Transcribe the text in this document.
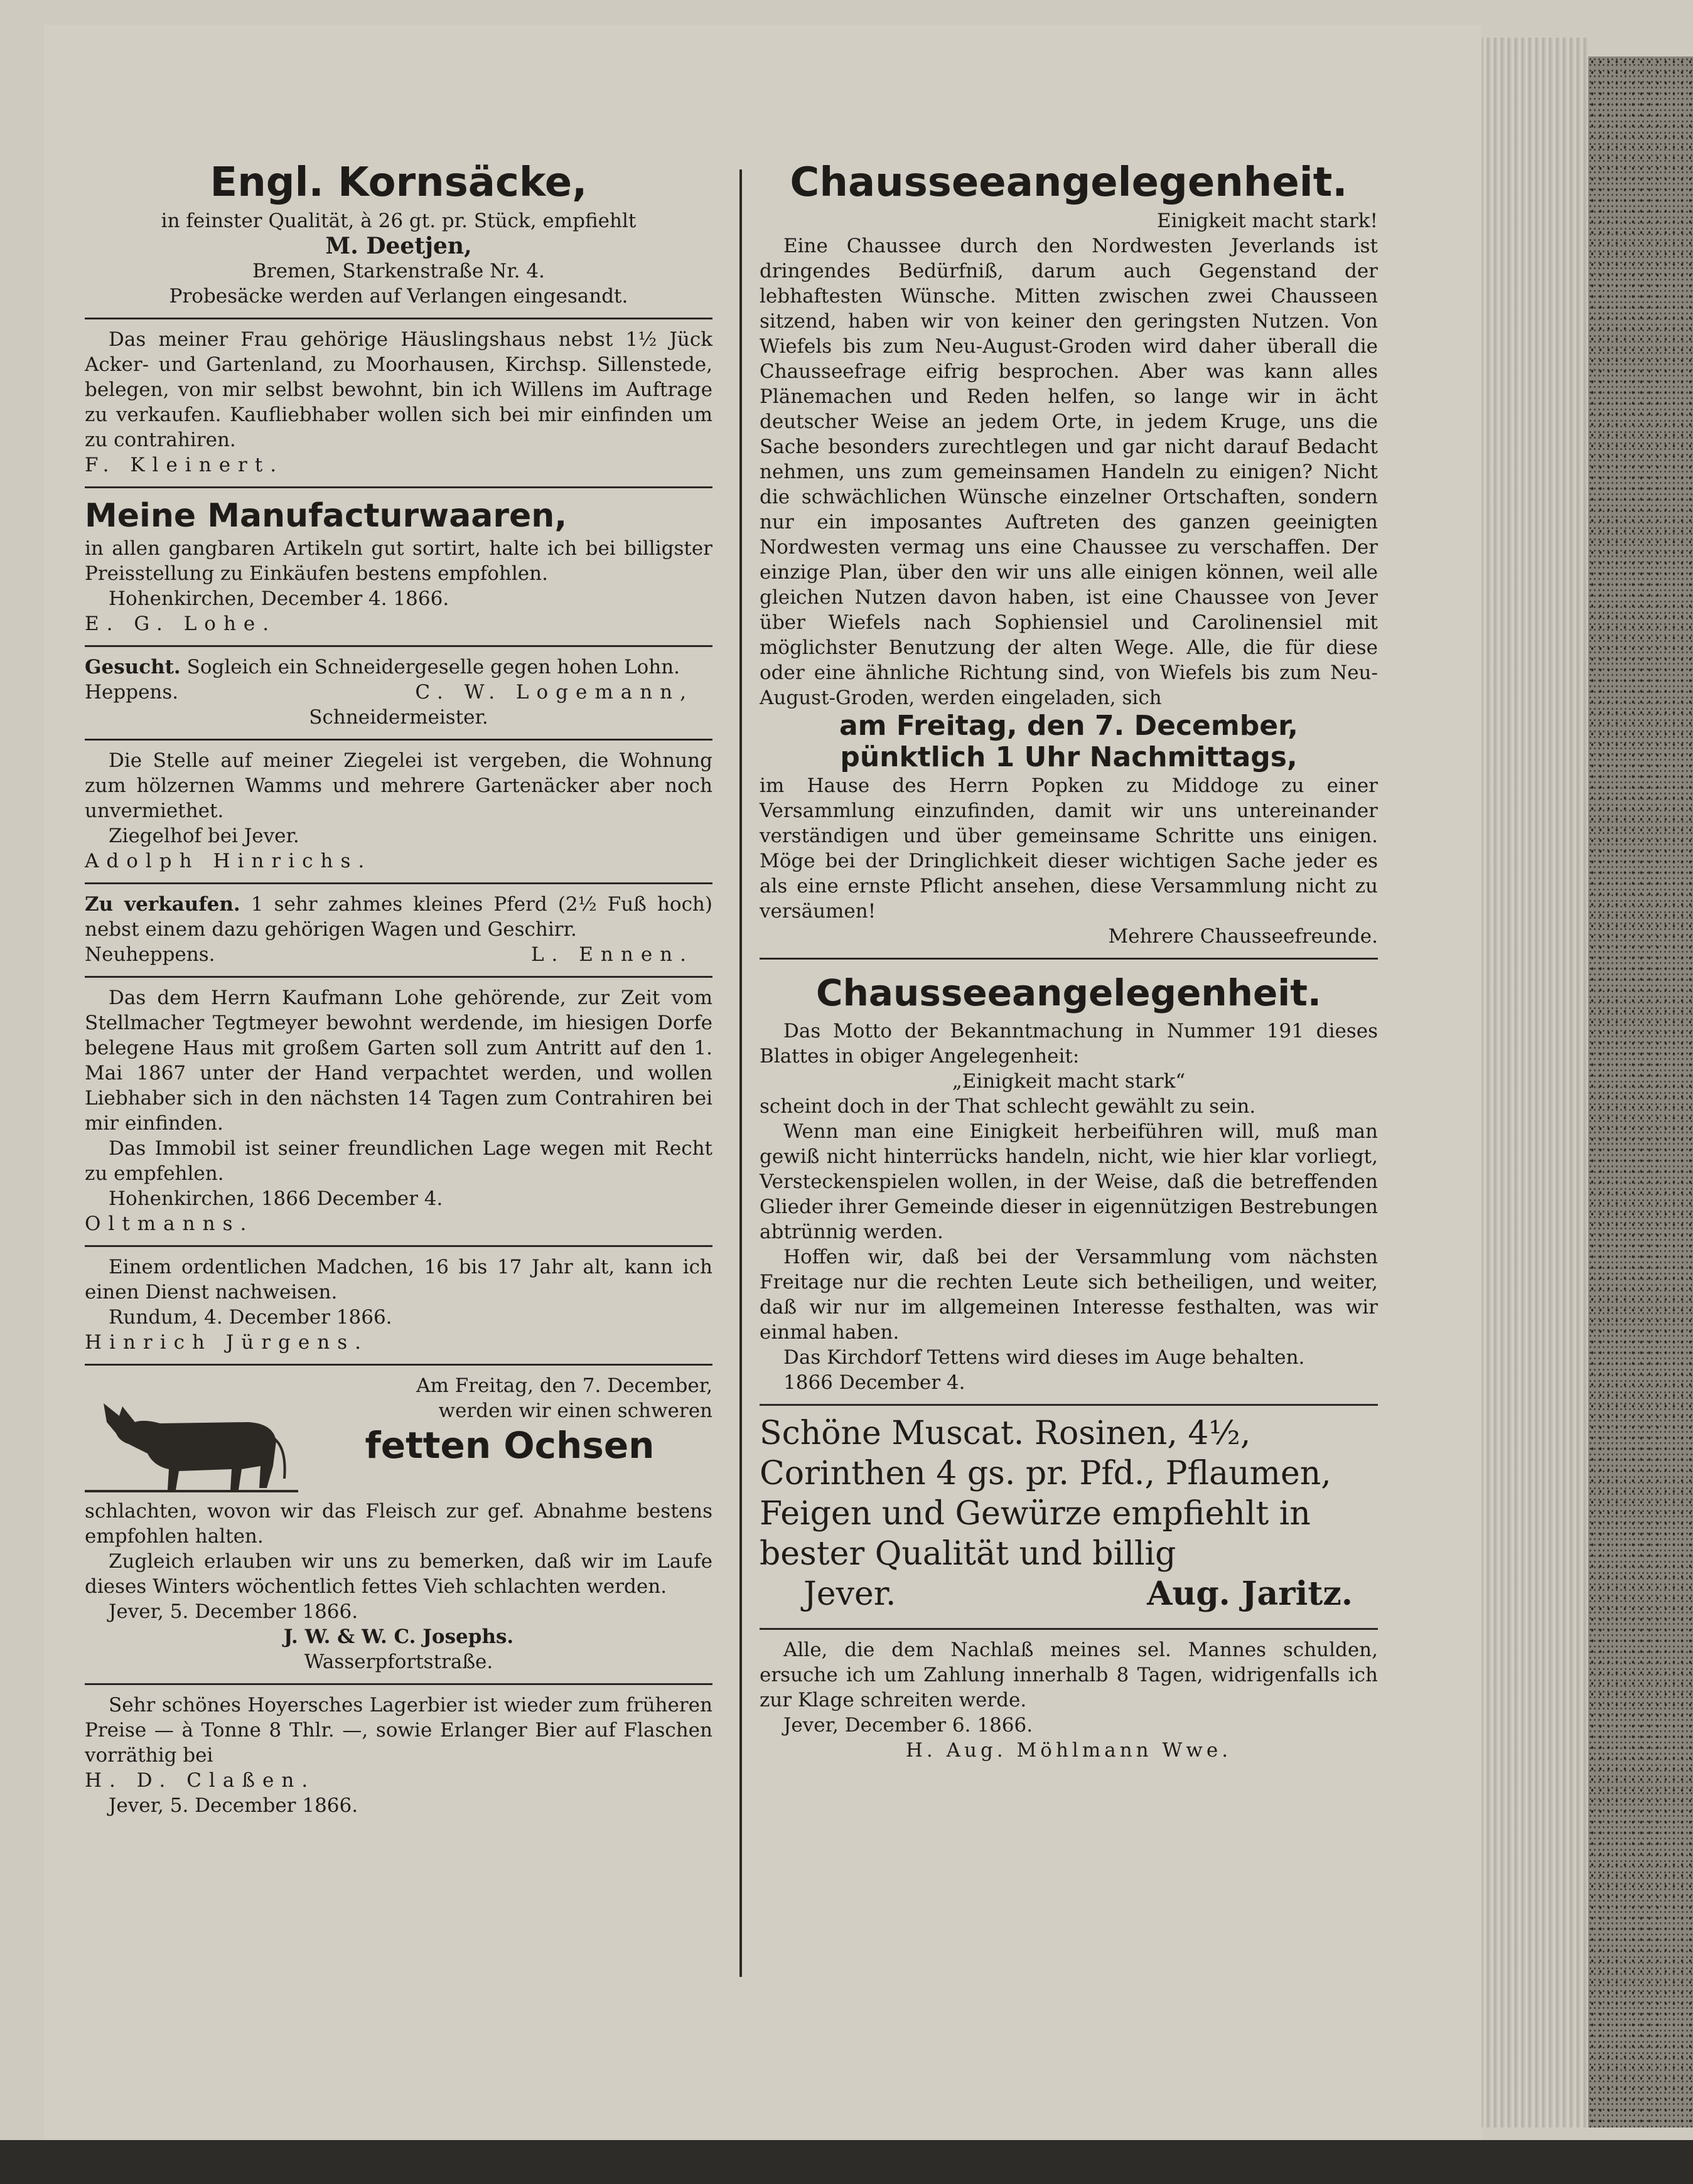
Engl. Kornsäcke,

in feinster Qualität, à 26 gt. pr. Stück, empfiehlt

M. Deetjen,

Bremen, Starkenstraße Nr. 4.

Probesäcke werden auf Verlangen eingesandt.

Das meiner Frau gehörige Häuslingshaus nebst 1½ Jück Acker- und Gartenland, zu Moorhausen, Kirchsp. Sillenstede, belegen, von mir selbst bewohnt, bin ich Willens im Auftrage zu verkaufen. Kaufliebhaber wollen sich bei mir einfinden um zu contrahiren.

F. Kleinert.

Meine Manufacturwaaren,

in allen gangbaren Artikeln gut sortirt, halte ich bei billigster Preisstellung zu Einkäufen bestens empfohlen.

Hohenkirchen, December 4. 1866.

E. G. Lohe.

Gesucht. Sogleich ein Schneidergeselle gegen hohen Lohn.

Heppens.	C. W. Logemann,

Schneidermeister.

Die Stelle auf meiner Ziegelei ist vergeben, die Wohnung zum hölzernen Wamms und mehrere Gartenäcker aber noch unvermiethet.

Ziegelhof bei Jever.

Adolph Hinrichs.

Zu verkaufen. 1 sehr zahmes kleines Pferd (2½ Fuß hoch) nebst einem dazu gehörigen Wagen und Geschirr.

Neuheppens.	L. Ennen.

Das dem Herrn Kaufmann Lohe gehörende, zur Zeit vom Stellmacher Tegtmeyer bewohnt werdende, im hiesigen Dorfe belegene Haus mit großem Garten soll zum Antritt auf den 1. Mai 1867 unter der Hand verpachtet werden, und wollen Liebhaber sich in den nächsten 14 Tagen zum Contrahiren bei mir einfinden.

Das Immobil ist seiner freundlichen Lage wegen mit Recht zu empfehlen.

Hohenkirchen, 1866 December 4.

Oltmanns.

Einem ordentlichen Madchen, 16 bis 17 Jahr alt, kann ich einen Dienst nachweisen.

Rundum, 4. December 1866.

Hinrich Jürgens.

Am Freitag, den 7. December,

werden wir einen schweren

fetten Ochsen

schlachten, wovon wir das Fleisch zur gef. Abnahme bestens empfohlen halten.

Zugleich erlauben wir uns zu bemerken, daß wir im Laufe dieses Winters wöchentlich fettes Vieh schlachten werden.

Jever, 5. December 1866.

J. W. & W. C. Josephs.

Wasserpfortstraße.

Sehr schönes Hoyersches Lagerbier ist wieder zum früheren Preise — à Tonne 8 Thlr. —, sowie Erlanger Bier auf Flaschen vorräthig bei

H. D. Claßen.

Jever, 5. December 1866.

Chausseeangelegenheit.

Einigkeit macht stark!

Eine Chaussee durch den Nordwesten Jeverlands ist dringendes Bedürfniß, darum auch Gegenstand der lebhaftesten Wünsche. Mitten zwischen zwei Chausseen sitzend, haben wir von keiner den geringsten Nutzen. Von Wiefels bis zum Neu-August-Groden wird daher überall die Chausseefrage eifrig besprochen. Aber was kann alles Plänemachen und Reden helfen, so lange wir in ächt deutscher Weise an jedem Orte, in jedem Kruge, uns die Sache besonders zurechtlegen und gar nicht darauf Bedacht nehmen, uns zum gemeinsamen Handeln zu einigen? Nicht die schwächlichen Wünsche einzelner Ortschaften, sondern nur ein imposantes Auftreten des ganzen geeinigten Nordwesten vermag uns eine Chaussee zu verschaffen. Der einzige Plan, über den wir uns alle einigen können, weil alle gleichen Nutzen davon haben, ist eine Chaussee von Jever über Wiefels nach Sophiensiel und Carolinensiel mit möglichster Benutzung der alten Wege. Alle, die für diese oder eine ähnliche Richtung sind, von Wiefels bis zum Neu-August-Groden, werden eingeladen, sich

am Freitag, den 7. December,
pünktlich 1 Uhr Nachmittags,

im Hause des Herrn Popken zu Middoge zu einer Versammlung einzufinden, damit wir uns untereinander verständigen und über gemeinsame Schritte uns einigen. Möge bei der Dringlichkeit dieser wichtigen Sache jeder es als eine ernste Pflicht ansehen, diese Versammlung nicht zu versäumen!

Mehrere Chausseefreunde.

Chausseeangelegenheit.

Das Motto der Bekanntmachung in Nummer 191 dieses Blattes in obiger Angelegenheit:

„Einigkeit macht stark“

scheint doch in der That schlecht gewählt zu sein.

Wenn man eine Einigkeit herbeiführen will, muß man gewiß nicht hinterrücks handeln, nicht, wie hier klar vorliegt, Versteckenspielen wollen, in der Weise, daß die betreffenden Glieder ihrer Gemeinde dieser in eigennützigen Bestrebungen abtrünnig werden.

Hoffen wir, daß bei der Versammlung vom nächsten Freitage nur die rechten Leute sich betheiligen, und weiter, daß wir nur im allgemeinen Interesse festhalten, was wir einmal haben.

Das Kirchdorf Tettens wird dieses im Auge behalten.

1866 December 4.

Schöne Muscat. Rosinen, 4½,

Corinthen 4 gs. pr. Pfd., Pflaumen,

Feigen und Gewürze empfiehlt in

bester Qualität und billig

Jever.	Aug. Jaritz.

Alle, die dem Nachlaß meines sel. Mannes schulden, ersuche ich um Zahlung innerhalb 8 Tagen, widrigenfalls ich zur Klage schreiten werde.

Jever, December 6. 1866.

H. Aug. Möhlmann Wwe.
